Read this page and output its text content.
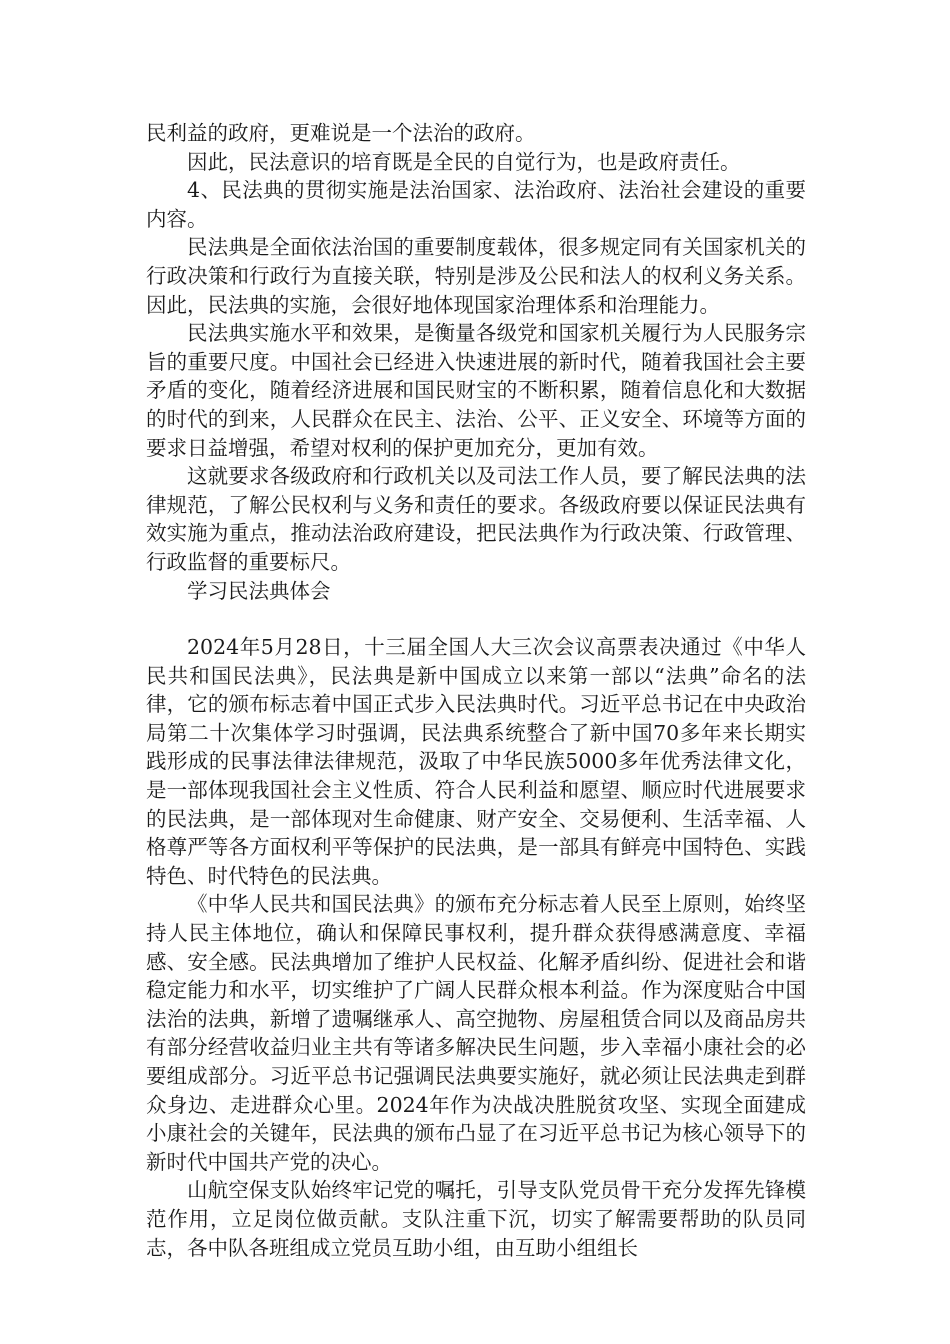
民利益的政府，更难说是一个法治的政府。

因此，民法意识的培育既是全民的自觉行为，也是政府责任。

4、民法典的贯彻实施是法治国家、法治政府、法治社会建设的重要内容。

民法典是全面依法治国的重要制度载体，很多规定同有关国家机关的行政决策和行政行为直接关联，特别是涉及公民和法人的权利义务关系。因此，民法典的实施，会很好地体现国家治理体系和治理能力。

民法典实施水平和效果，是衡量各级党和国家机关履行为人民服务宗旨的重要尺度。中国社会已经进入快速进展的新时代，随着我国社会主要矛盾的变化，随着经济进展和国民财宝的不断积累，随着信息化和大数据的时代的到来，人民群众在民主、法治、公平、正义安全、环境等方面的要求日益增强，希望对权利的保护更加充分，更加有效。

这就要求各级政府和行政机关以及司法工作人员，要了解民法典的法律规范，了解公民权利与义务和责任的要求。各级政府要以保证民法典有效实施为重点，推动法治政府建设，把民法典作为行政决策、行政管理、行政监督的重要标尺。

学习民法典体会

2024年5月28日，十三届全国人大三次会议高票表决通过《中华人民共和国民法典》，民法典是新中国成立以来第一部以“法典”命名的法律，它的颁布标志着中国正式步入民法典时代。习近平总书记在中央政治局第二十次集体学习时强调，民法典系统整合了新中国70多年来长期实践形成的民事法律法律规范，汲取了中华民族5000多年优秀法律文化，是一部体现我国社会主义性质、符合人民利益和愿望、顺应时代进展要求的民法典，是一部体现对生命健康、财产安全、交易便利、生活幸福、人格尊严等各方面权利平等保护的民法典，是一部具有鲜亮中国特色、实践特色、时代特色的民法典。

《中华人民共和国民法典》的颁布充分标志着人民至上原则，始终坚持人民主体地位，确认和保障民事权利，提升群众获得感满意度、幸福感、安全感。民法典增加了维护人民权益、化解矛盾纠纷、促进社会和谐稳定能力和水平，切实维护了广阔人民群众根本利益。作为深度贴合中国法治的法典，新增了遗嘱继承人、高空抛物、房屋租赁合同以及商品房共有部分经营收益归业主共有等诸多解决民生问题，步入幸福小康社会的必要组成部分。习近平总书记强调民法典要实施好，就必须让民法典走到群众身边、走进群众心里。2024年作为决战决胜脱贫攻坚、实现全面建成小康社会的关键年，民法典的颁布凸显了在习近平总书记为核心领导下的新时代中国共产党的决心。

山航空保支队始终牢记党的嘱托，引导支队党员骨干充分发挥先锋模范作用，立足岗位做贡献。支队注重下沉，切实了解需要帮助的队员同志，各中队各班组成立党员互助小组，由互助小组组长
